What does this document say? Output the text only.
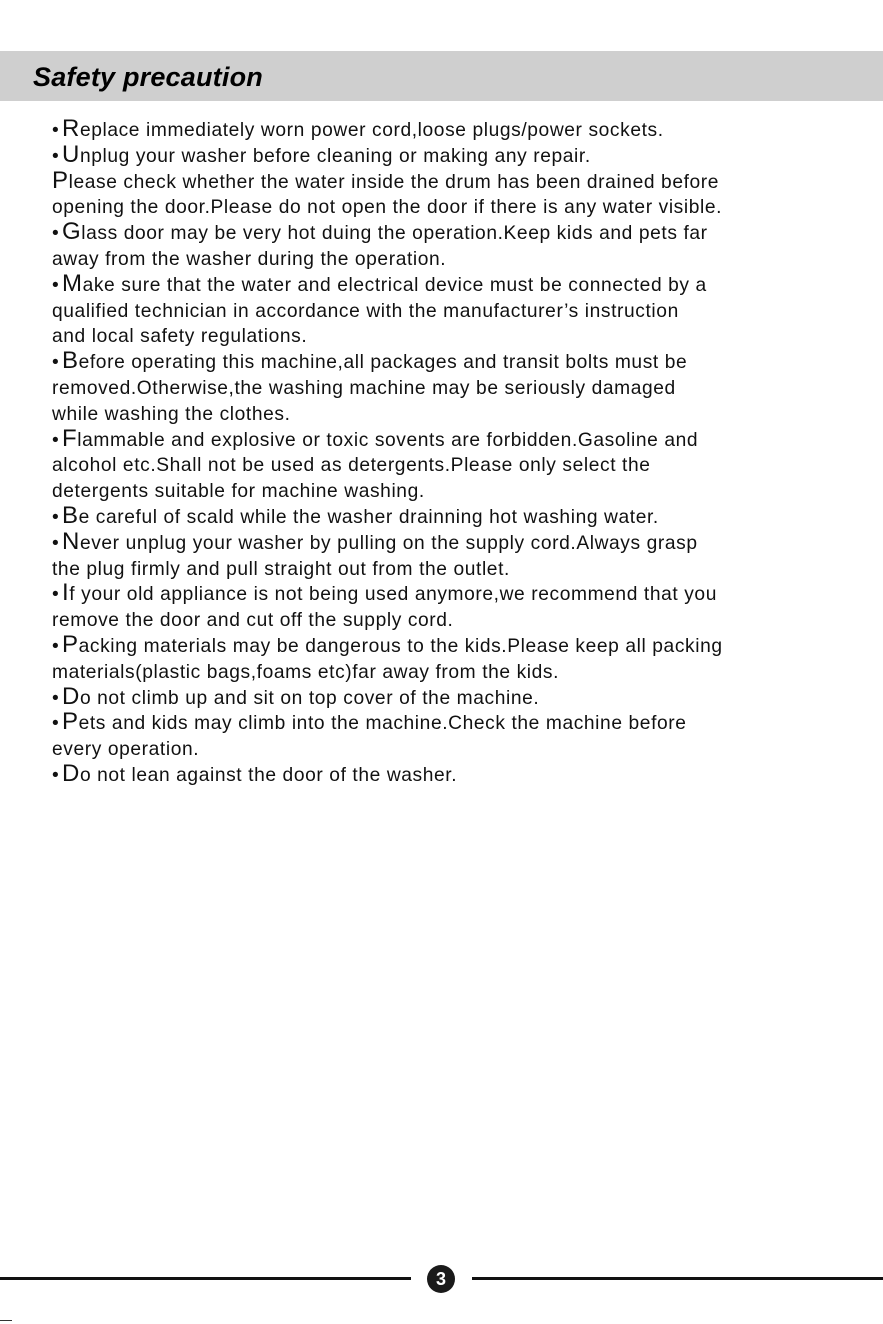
Safety precaution
• Replace immediately worn power cord,loose plugs/power sockets.
• Unplug your washer before cleaning or making any repair.
Please check whether the water inside the drum has been drained before
opening the door.Please do not open the door if there is any water visible.
• Glass door may be very hot duing the operation.Keep kids and pets far
away from the washer during the operation.
• Make sure that the water and electrical device must be connected by a
qualified technician in accordance with the manufacturer’s instruction
and local safety regulations.
• Before operating this machine,all packages and transit bolts must be
removed.Otherwise,the washing machine may be seriously damaged
while washing the clothes.
• Flammable and explosive or toxic sovents are forbidden.Gasoline and
alcohol etc.Shall not be used as detergents.Please only select the
detergents suitable for machine washing.
• Be careful of scald while the washer drainning hot washing water.
• Never unplug your washer by pulling on the supply cord.Always grasp
the plug firmly and pull straight out from the outlet.
• If your old appliance is not being used anymore,we recommend that you
remove the door and cut off the supply cord.
• Packing materials may be dangerous to the kids.Please keep all packing
materials(plastic bags,foams etc)far away from the kids.
• Do not climb up and sit on top cover of the machine.
• Pets and kids may climb into the machine.Check the machine before
every operation.
• Do not lean against the door of the washer.
3
